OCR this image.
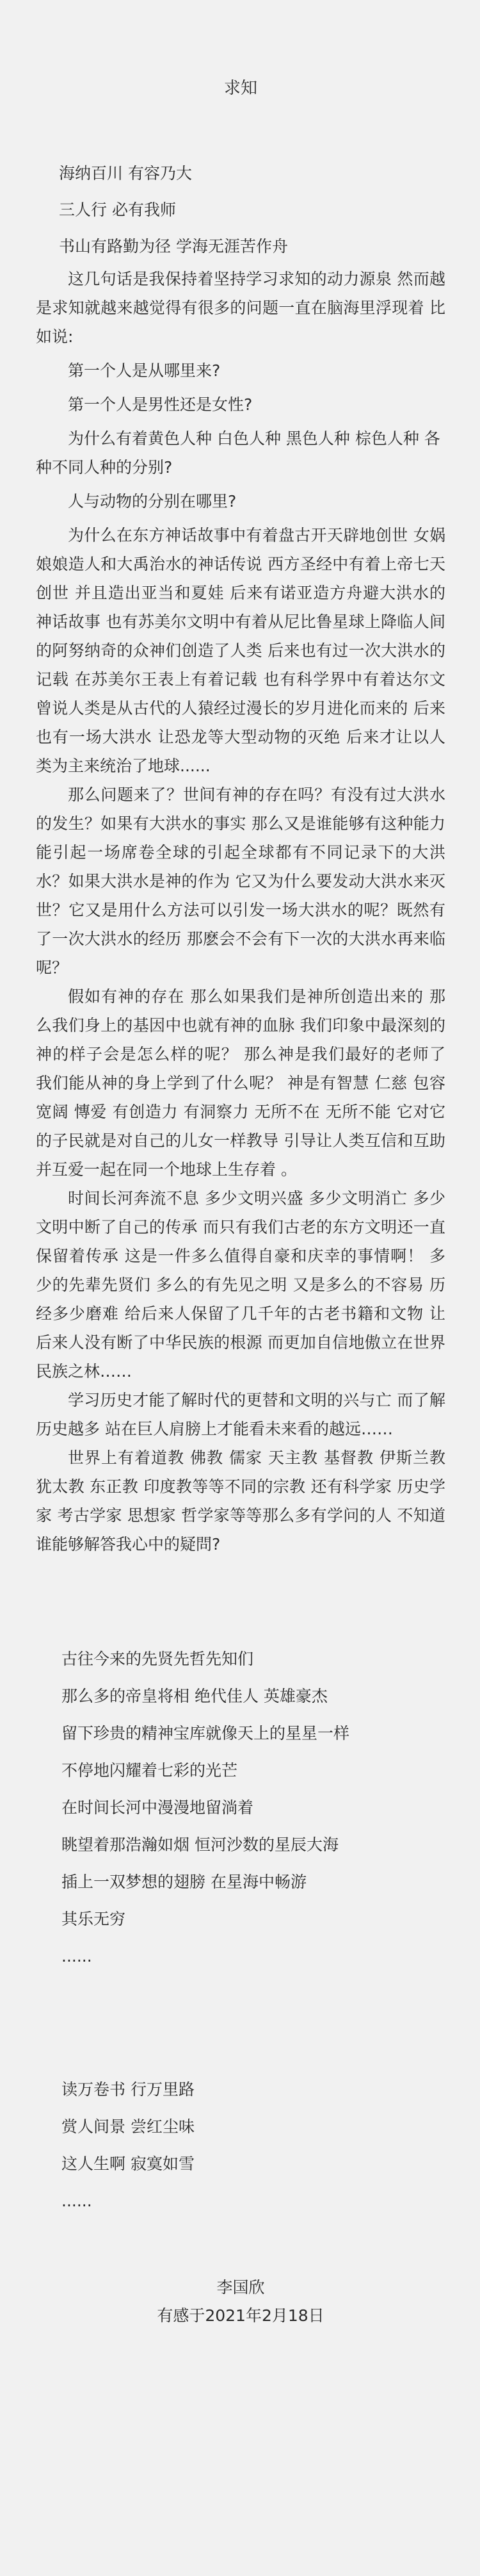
求知
海纳百川 有容乃大
三人行 必有我师
书山有路勤为径 学海无涯苦作舟

这几句话是我保持着坚持学习求知的动力源泉 然而越是求知就越来越觉得有很多的问题一直在脑海里浮现着 比如说:

第一个人是从哪里来?
第一个人是男性还是女性?
为什么有着黄色人种 白色人种 黑色人种 棕色人种 各种不同人种的分别?
人与动物的分别在哪里?

为什么在东方神话故事中有着盘古开天辟地创世 女娲娘娘造人和大禹治水的神话传说 西方圣经中有着上帝七天创世 并且造出亚当和夏娃 后来有诺亚造方舟避大洪水的神话故事 也有苏美尔文明中有着从尼比鲁星球上降临人间的阿努纳奇的众神们创造了人类 后来也有过一次大洪水的记载 在苏美尔王表上有着记载 也有科学界中有着达尔文曾说人类是从古代的人猿经过漫长的岁月进化而来的 后来也有一场大洪水 让恐龙等大型动物的灭绝 后来才让以人类为主来统治了地球......

那么问题来了？世间有神的存在吗？有没有过大洪水的发生？如果有大洪水的事实 那么又是谁能够有这种能力能引起一场席卷全球的引起全球都有不同记录下的大洪水？如果大洪水是神的作为 它又为什么要发动大洪水来灭世？它又是用什么方法可以引发一场大洪水的呢？既然有了一次大洪水的经历 那麽会不会有下一次的大洪水再来临呢？

假如有神的存在 那么如果我们是神所创造出来的 那么我们身上的基因中也就有神的血脉 我们印象中最深刻的神的样子会是怎么样的呢？ 那么神是我们最好的老师了 我们能从神的身上学到了什么呢？ 神是有智慧 仁慈 包容 宽阔 慱爱 有创造力 有洞察力 无所不在 无所不能 它对它的子民就是对自己的儿女一样教导 引导让人类互信和互助并互爱一起在同一个地球上生存着 。

时间长河奔流不息 多少文明兴盛 多少文明消亡 多少文明中断了自己的传承 而只有我们古老的东方文明还一直保留着传承 这是一件多么值得自豪和庆幸的事情啊！ 多少的先辈先贤们 多么的有先见之明 又是多么的不容易 历经多少磨难 给后来人保留了几千年的古老书籍和文物 让后来人没有断了中华民族的根源 而更加自信地傲立在世界民族之林……

学习历史才能了解时代的更替和文明的兴与亡 而了解历史越多 站在巨人肩膀上才能看未来看的越远……

世界上有着道教 佛教 儒家 天主教 基督教 伊斯兰教 犹太教 东正教 印度教等等不同的宗教 还有科学家 历史学家 考古学家 思想家 哲学家等等那么多有学问的人 不知道谁能够解答我心中的疑問?

古往今来的先贤先哲先知们
那么多的帝皇将相 绝代佳人 英雄豪杰
留下珍贵的精神宝库就像天上的星星一样
不停地闪耀着七彩的光芒
在时间长河中漫漫地留淌着
眺望着那浩瀚如烟 恒河沙数的星辰大海
插上一双梦想的翅膀 在星海中畅游
其乐无穷
......
读万卷书 行万里路
赏人间景 尝红尘味
这人生啊 寂寞如雪
......
李国欣
有感于2021年2月18日
